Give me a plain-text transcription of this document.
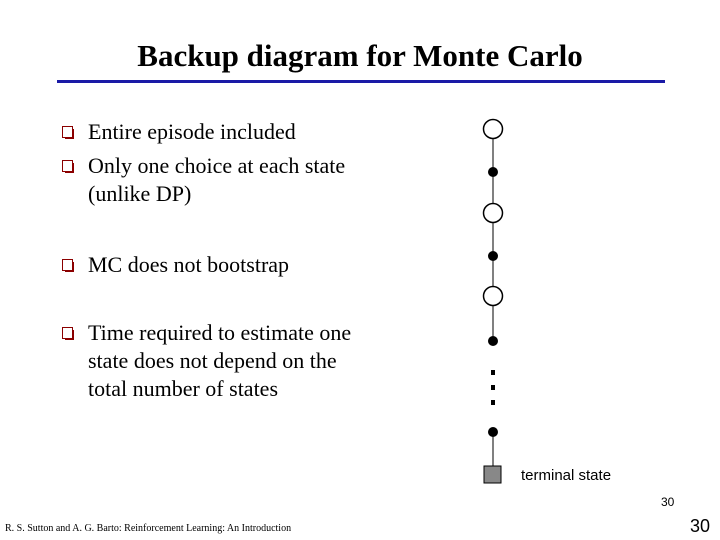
Backup diagram for Monte Carlo
Entire episode included
Only one choice at each state
(unlike DP)
MC does not bootstrap
Time required to estimate one
state does not depend on the
total number of states
terminal state
30
R. S. Sutton and A. G. Barto: Reinforcement Learning: An Introduction	30
